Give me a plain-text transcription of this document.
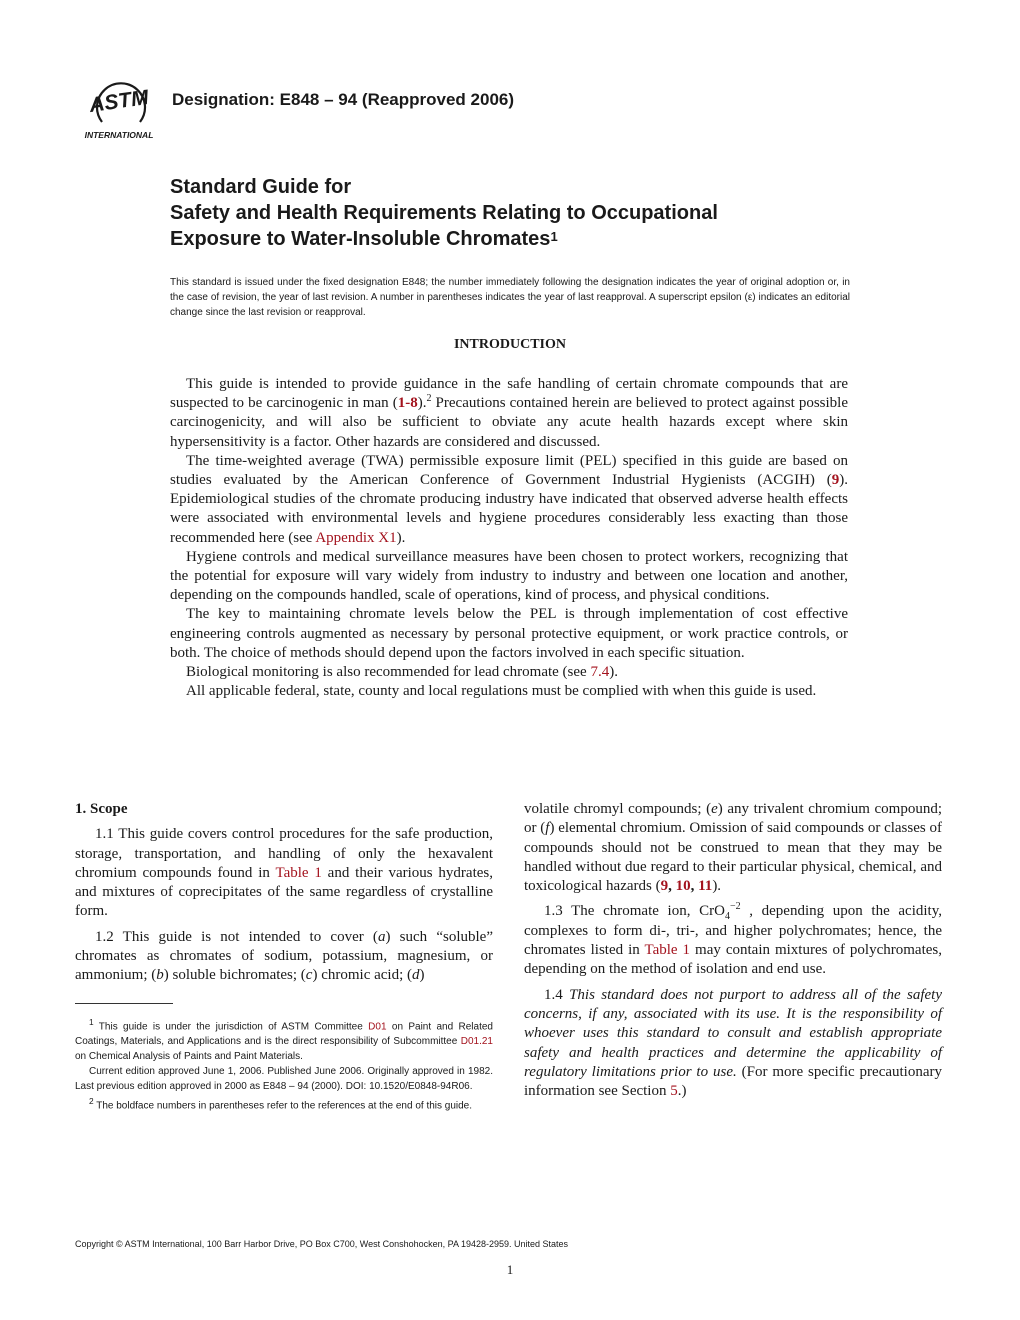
ASTM
INTERNATIONAL
Designation: E848 – 94 (Reapproved 2006)
Standard Guide for
Safety and Health Requirements Relating to Occupational
Exposure to Water-Insoluble Chromates$^1$
This standard is issued under the fixed designation E848; the number immediately following the designation indicates the year of original adoption or, in the case of revision, the year of last revision. A number in parentheses indicates the year of last reapproval. A superscript epsilon (ε) indicates an editorial change since the last revision or reapproval.
INTRODUCTION

This guide is intended to provide guidance in the safe handling of certain chromate compounds that are suspected to be carcinogenic in man (1-8).$^2$ Precautions contained herein are believed to protect against possible carcinogenicity, and will also be sufficient to obviate any acute health hazards except where skin hypersensitivity is a factor. Other hazards are considered and discussed.

The time-weighted average (TWA) permissible exposure limit (PEL) specified in this guide are based on studies evaluated by the American Conference of Government Industrial Hygienists (ACGIH) (9). Epidemiological studies of the chromate producing industry have indicated that observed adverse health effects were associated with environmental levels and hygiene procedures considerably less exacting than those recommended here (see Appendix X1).

Hygiene controls and medical surveillance measures have been chosen to protect workers, recognizing that the potential for exposure will vary widely from industry to industry and between one location and another, depending on the compounds handled, scale of operations, kind of process, and physical conditions.

The key to maintaining chromate levels below the PEL is through implementation of cost effective engineering controls augmented as necessary by personal protective equipment, or work practice controls, or both. The choice of methods should depend upon the factors involved in each specific situation.

Biological monitoring is also recommended for lead chromate (see 7.4).

All applicable federal, state, county and local regulations must be complied with when this guide is used.

1. Scope

1.1 This guide covers control procedures for the safe production, storage, transportation, and handling of only the hexavalent chromium compounds found in Table 1 and their various hydrates, and mixtures of coprecipitates of the same regardless of crystalline form.

1.2 This guide is not intended to cover (a) such “soluble” chromates as chromates of sodium, potassium, magnesium, or ammonium; (b) soluble bichromates; (c) chromic acid; (d)

$^1$ This guide is under the jurisdiction of ASTM Committee D01 on Paint and Related Coatings, Materials, and Applications and is the direct responsibility of Subcommittee D01.21 on Chemical Analysis of Paints and Paint Materials.

Current edition approved June 1, 2006. Published June 2006. Originally approved in 1982. Last previous edition approved in 2000 as E848 – 94 (2000). DOI: 10.1520/E0848-94R06.

$^2$ The boldface numbers in parentheses refer to the references at the end of this guide.

volatile chromyl compounds; (e) any trivalent chromium compound; or (f) elemental chromium. Omission of said compounds or classes of compounds should not be construed to mean that they may be handled without due regard to their particular physical, chemical, and toxicological hazards (9, 10, 11).

1.3 The chromate ion, CrO$_4^{-2}$ , depending upon the acidity, complexes to form di-, tri-, and higher polychromates; hence, the chromates listed in Table 1 may contain mixtures of polychromates, depending on the method of isolation and end use.

1.4 This standard does not purport to address all of the safety concerns, if any, associated with its use. It is the responsibility of whoever uses this standard to consult and establish appropriate safety and health practices and determine the applicability of regulatory limitations prior to use. (For more specific precautionary information see Section 5.)

Copyright © ASTM International, 100 Barr Harbor Drive, PO Box C700, West Conshohocken, PA 19428-2959. United States
1
